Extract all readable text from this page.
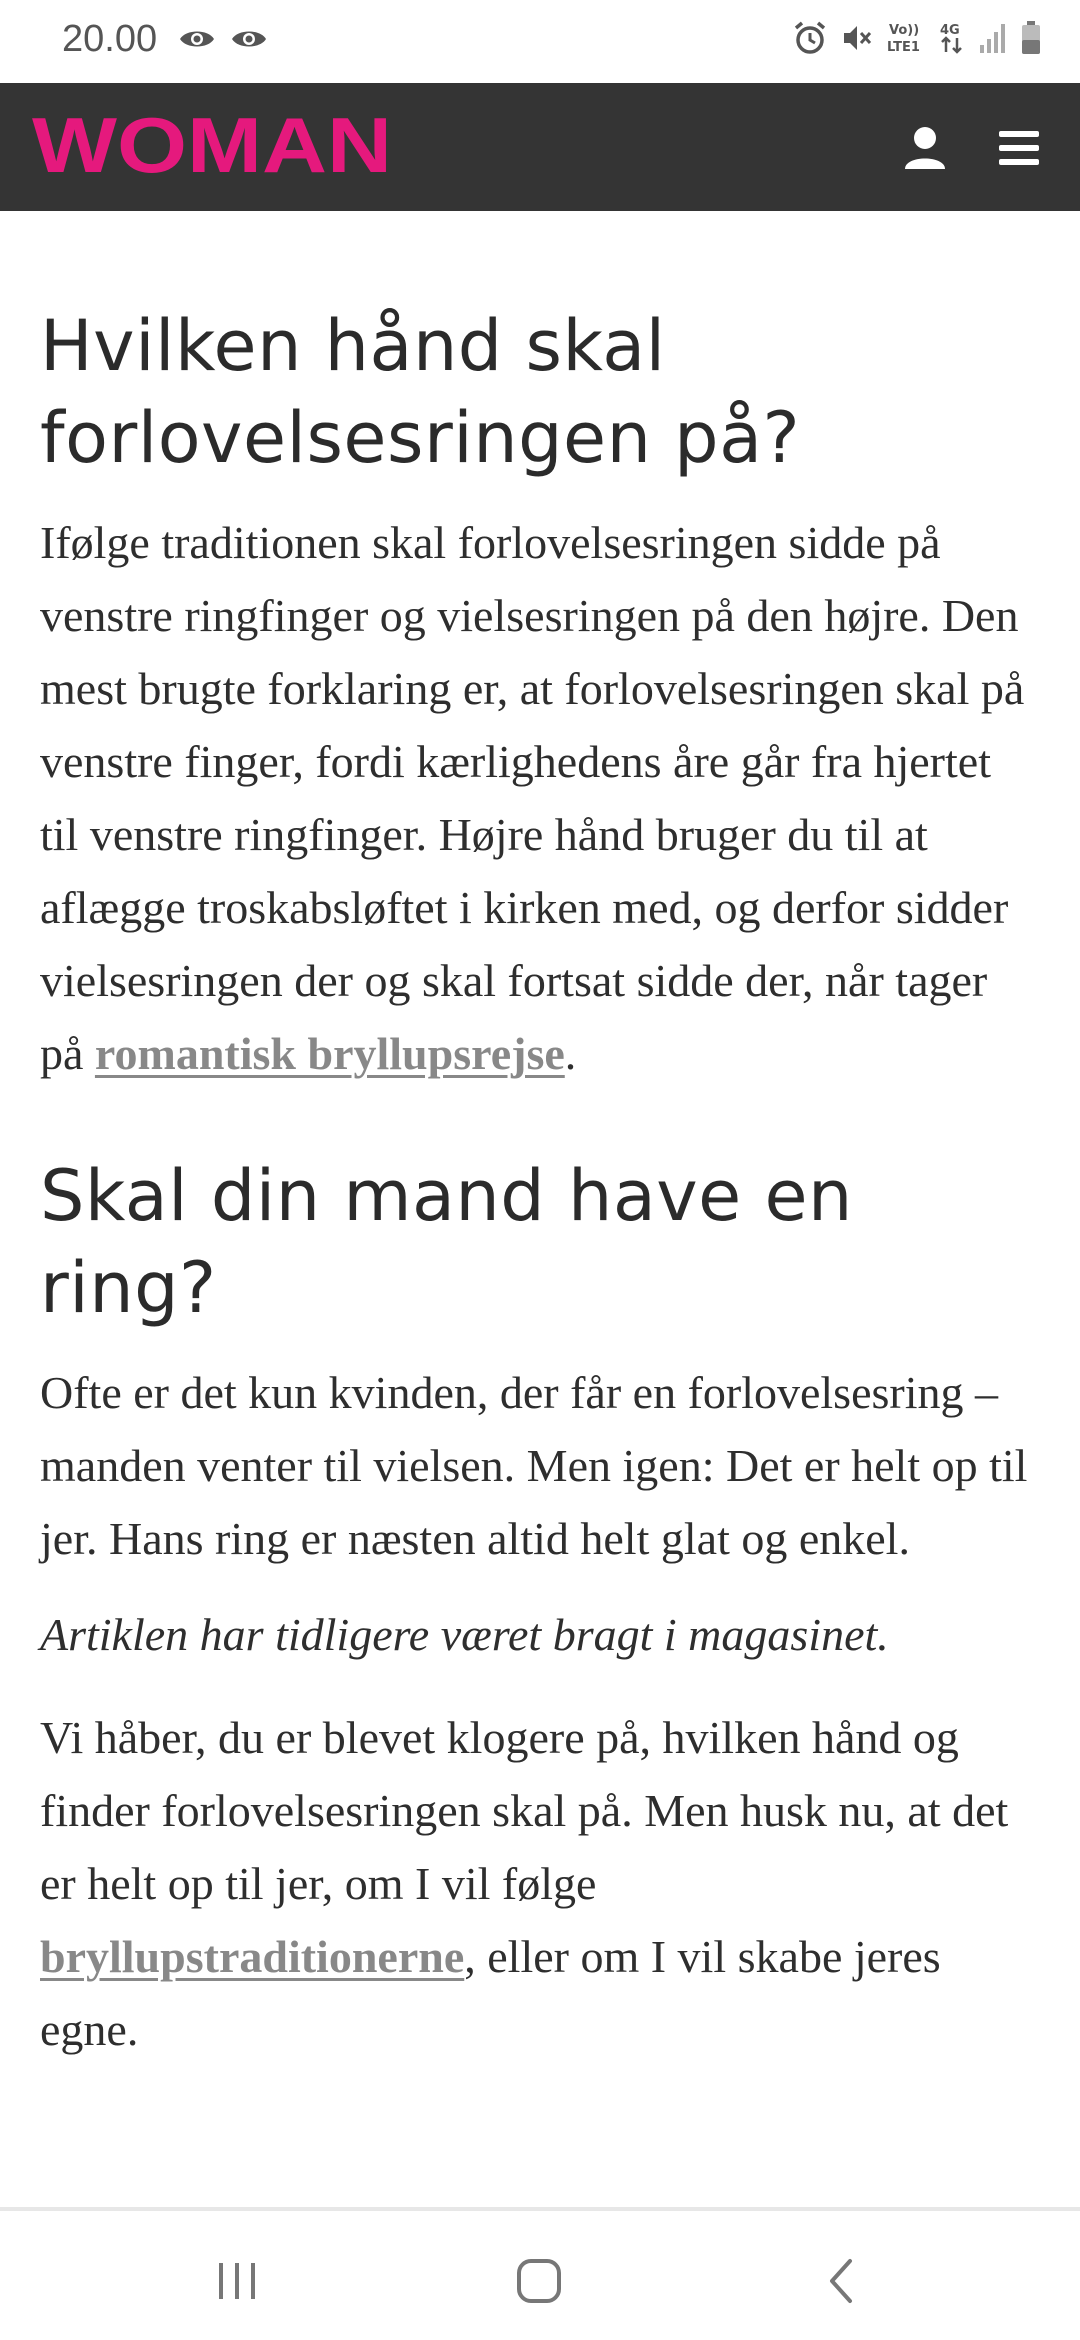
20.00	Vo))
LTE1
4G
WOMAN
Hvilken hånd skal forlovelsesringen på?

Ifølge traditionen skal forlovelsesringen sidde på venstre ringfinger og vielsesringen på den højre. Den mest brugte forklaring er, at forlovelsesringen skal på venstre finger, fordi kærlighedens åre går fra hjertet til venstre ringfinger. Højre hånd bruger du til at aflægge troskabsløftet i kirken med, og derfor sidder vielsesringen der og skal fortsat sidde der, når tager på romantisk bryllupsrejse.

Skal din mand have en ring?

Ofte er det kun kvinden, der får en forlovelsesring – manden venter til vielsen. Men igen: Det er helt op til jer. Hans ring er næsten altid helt glat og enkel.

Artiklen har tidligere været bragt i magasinet.

Vi håber, du er blevet klogere på, hvilken hånd og finder forlovelsesringen skal på. Men husk nu, at det er helt op til jer, om I vil følge bryllupstraditionerne, eller om I vil skabe jeres egne.
